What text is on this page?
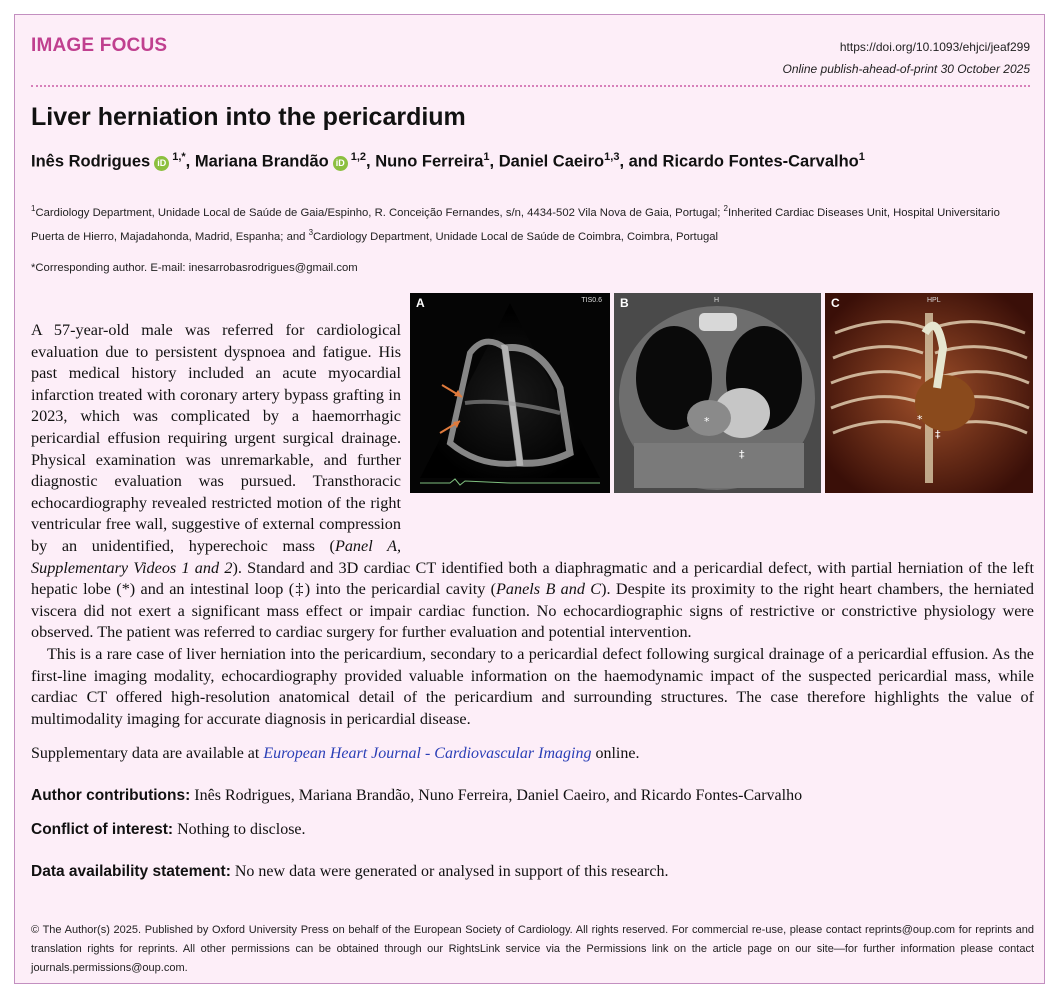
IMAGE FOCUS	https://doi.org/10.1093/ehjci/jeaf299
Online publish-ahead-of-print 30 October 2025
Liver herniation into the pericardium
Inês Rodrigues iD $^{1,*}$, Mariana Brandão iD $^{1,2}$, Nuno Ferreira$^1$, Daniel Caeiro$^{1,3}$, and Ricardo Fontes-Carvalho$^1$
$^1$Cardiology Department, Unidade Local de Saúde de Gaia/Espinho, R. Conceição Fernandes, s/n, 4434-502 Vila Nova de Gaia, Portugal; $^2$Inherited Cardiac Diseases Unit, Hospital Universitario Puerta de Hierro, Majadahonda, Madrid, Espanha; and $^3$Cardiology Department, Unidade Local de Saúde de Coimbra, Coimbra, Portugal
*Corresponding author. E-mail: inesarrobasrodrigues@gmail.com
A	TIS0.6
*
‡
B	H
*
‡
C	HPL

A 57-year-old male was referred for cardiological evaluation due to persistent dyspnoea and fatigue. His past medical history included an acute myocardial infarction treated with coronary artery bypass grafting in 2023, which was complicated by a haemorrhagic pericardial effusion requiring urgent surgical drainage. Physical examination was unremarkable, and further diagnostic evaluation was pursued. Transthoracic echocardiography revealed restricted motion of the right ventricular free wall, suggestive of external compression by an unidentified, hyperechoic mass (Panel A, Supplementary Videos 1 and 2). Standard and 3D cardiac CT identified both a diaphragmatic and a pericardial defect, with partial herniation of the left hepatic lobe (*) and an intestinal loop (‡) into the pericardial cavity (Panels B and C). Despite its proximity to the right heart chambers, the herniated viscera did not exert a significant mass effect or impair cardiac function. No echocardiographic signs of restrictive or constrictive physiology were observed. The patient was referred to cardiac surgery for further evaluation and potential intervention.

This is a rare case of liver herniation into the pericardium, secondary to a pericardial defect following surgical drainage of a pericardial effusion. As the first-line imaging modality, echocardiography provided valuable information on the haemodynamic impact of the suspected pericardial mass, while cardiac CT offered high-resolution anatomical detail of the pericardium and surrounding structures. The case therefore highlights the value of multimodality imaging for accurate diagnosis in pericardial disease.

Supplementary data are available at European Heart Journal - Cardiovascular Imaging online.
Author contributions: Inês Rodrigues, Mariana Brandão, Nuno Ferreira, Daniel Caeiro, and Ricardo Fontes-Carvalho
Conflict of interest: Nothing to disclose.
Data availability statement: No new data were generated or analysed in support of this research.
© The Author(s) 2025. Published by Oxford University Press on behalf of the European Society of Cardiology. All rights reserved. For commercial re-use, please contact reprints@oup.com for reprints and translation rights for reprints. All other permissions can be obtained through our RightsLink service via the Permissions link on the article page on our site—for further information please contact journals.permissions@oup.com.
